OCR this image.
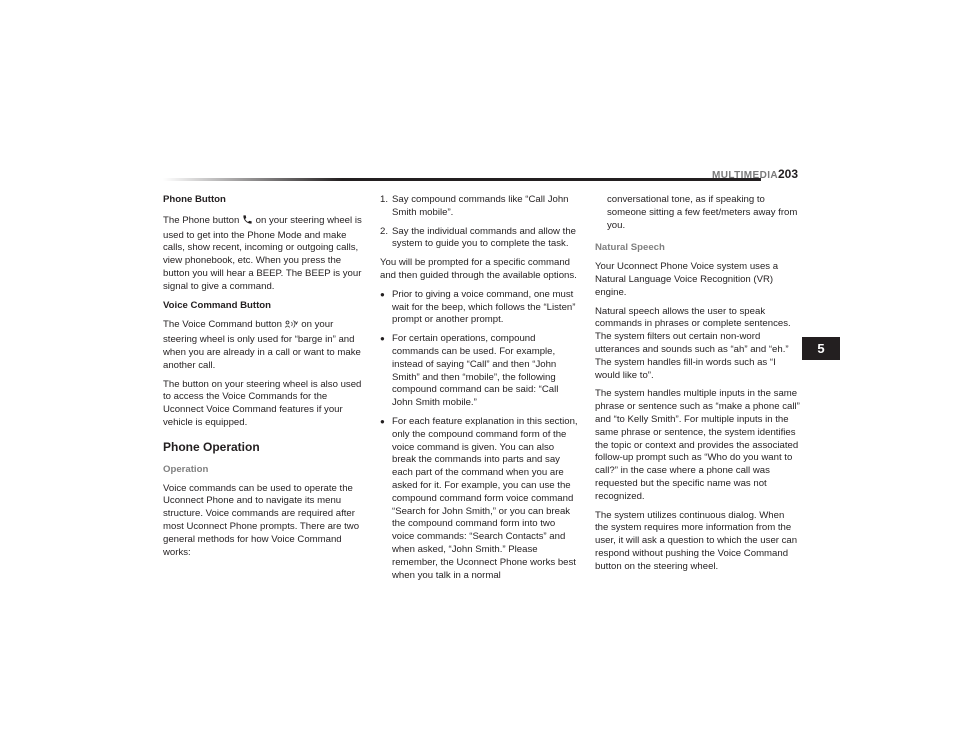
MULTIMEDIA 203
5

Phone Button

The Phone button on your steering wheel is used to get into the Phone Mode and make calls, show recent, incoming or outgoing calls, view phonebook, etc. When you press the button you will hear a BEEP. The BEEP is your signal to give a command.

Voice Command Button

The Voice Command button on your steering wheel is only used for “barge in” and when you are already in a call or want to make another call.

The button on your steering wheel is also used to access the Voice Commands for the Uconnect Voice Command features if your vehicle is equipped.

Phone Operation
Operation

Voice commands can be used to operate the Uconnect Phone and to navigate its menu structure. Voice commands are required after most Uconnect Phone prompts. There are two general methods for how Voice Command works:

1. Say compound commands like “Call John Smith mobile”.
2. Say the individual commands and allow the system to guide you to complete the task.

You will be prompted for a specific command and then guided through the available options.

● Prior to giving a voice command, one must wait for the beep, which follows the “Listen” prompt or another prompt.
● For certain operations, compound commands can be used. For example, instead of saying “Call” and then “John Smith” and then “mobile”, the following compound command can be said: “Call John Smith mobile.”
● For each feature explanation in this section, only the compound command form of the voice command is given. You can also break the commands into parts and say each part of the command when you are asked for it. For example, you can use the compound command form voice command “Search for John Smith,” or you can break the compound command form into two voice commands: “Search Contacts” and when asked, “John Smith.” Please remember, the Uconnect Phone works best when you talk in a normal
conversational tone, as if speaking to someone sitting a few feet/meters away from you.
Natural Speech

Your Uconnect Phone Voice system uses a Natural Language Voice Recognition (VR) engine.

Natural speech allows the user to speak commands in phrases or complete sentences. The system filters out certain non-word utterances and sounds such as “ah” and “eh.” The system handles fill-in words such as “I would like to”.

The system handles multiple inputs in the same phrase or sentence such as “make a phone call” and “to Kelly Smith”. For multiple inputs in the same phrase or sentence, the system identifies the topic or context and provides the associated follow-up prompt such as “Who do you want to call?” in the case where a phone call was requested but the specific name was not recognized.

The system utilizes continuous dialog. When the system requires more information from the user, it will ask a question to which the user can respond without pushing the Voice Command button on the steering wheel.
